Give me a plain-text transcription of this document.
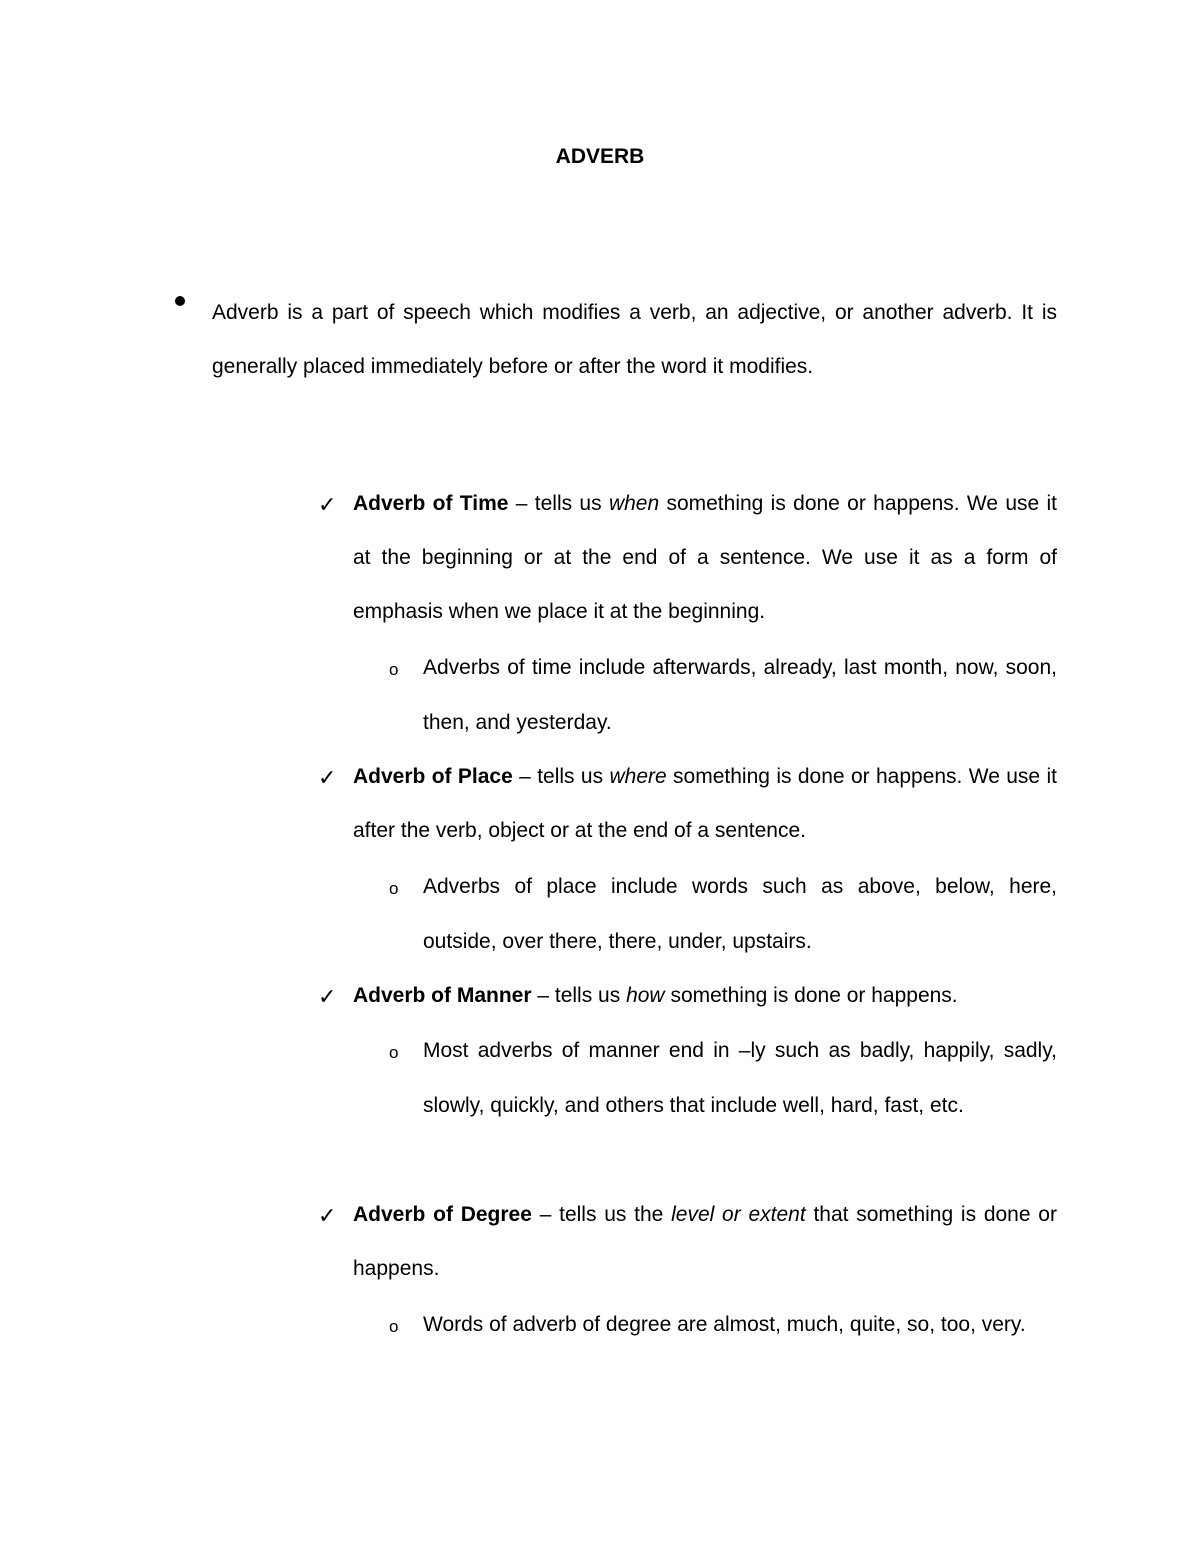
ADVERB
Adverb is a part of speech which modifies a verb, an adjective, or another adverb. It is generally placed immediately before or after the word it modifies.
✓ Adverb of Time – tells us when something is done or happens. We use it at the beginning or at the end of a sentence. We use it as a form of emphasis when we place it at the beginning.
o Adverbs of time include afterwards, already, last month, now, soon, then, and yesterday.
✓ Adverb of Place – tells us where something is done or happens. We use it after the verb, object or at the end of a sentence.
o Adverbs of place include words such as above, below, here, outside, over there, there, under, upstairs.
✓ Adverb of Manner – tells us how something is done or happens.
o Most adverbs of manner end in –ly such as badly, happily, sadly, slowly, quickly, and others that include well, hard, fast, etc.
✓ Adverb of Degree – tells us the level or extent that something is done or happens.
o Words of adverb of degree are almost, much, quite, so, too, very.
